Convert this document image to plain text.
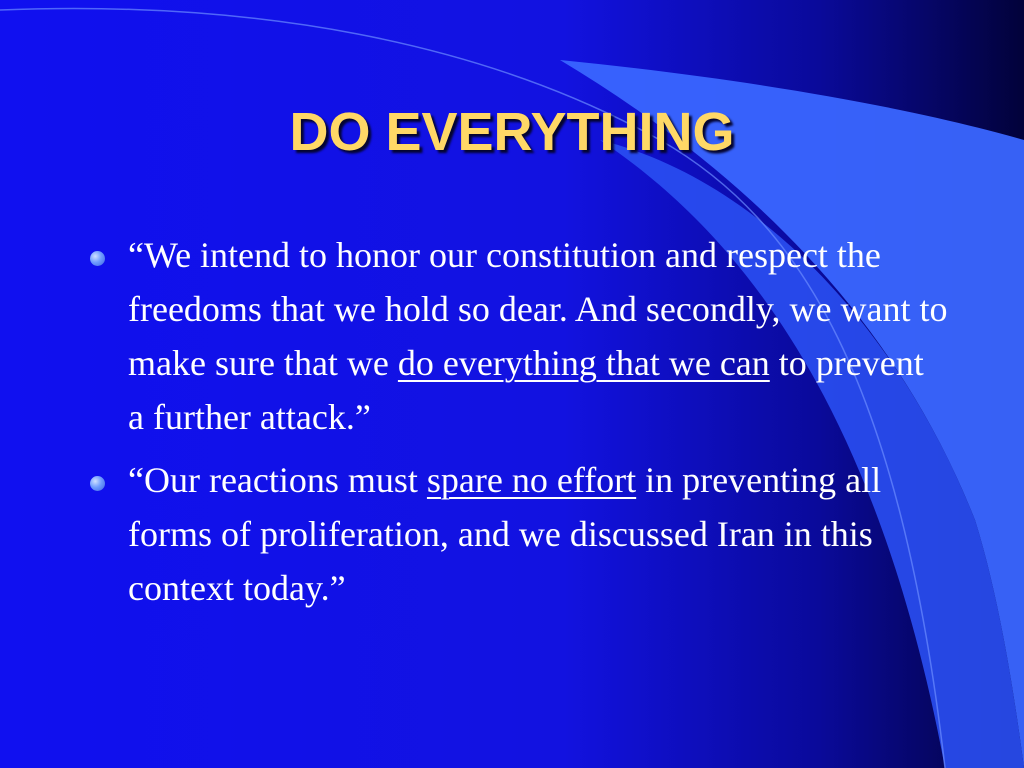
DO EVERYTHING
“We intend to honor our constitution and respect the freedoms that we hold so dear. And secondly, we want to make sure that we do everything that we can to prevent a further attack.”
“Our reactions must spare no effort in preventing all forms of proliferation, and we discussed Iran in this context today.”
